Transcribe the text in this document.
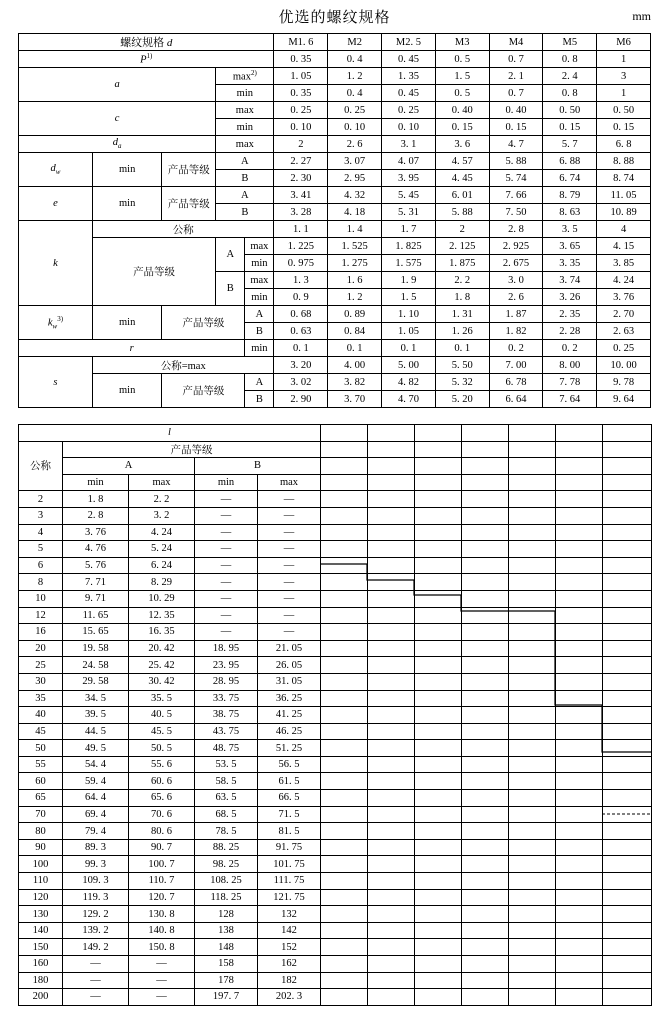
优选的螺纹规格	mm
螺纹规格 d					M1. 6	M2	M2. 5	M3	M4	M5	M6
$P^{1)}$					0. 35	0. 4	0. 45	0. 5	0. 7	0. 8	1
a			$\max^{2)}$		1. 05	1. 2	1. 35	1. 5	2. 1	2. 4	3
			min		0. 35	0. 4	0. 45	0. 5	0. 7	0. 8	1
c			max		0. 25	0. 25	0. 25	0. 40	0. 40	0. 50	0. 50
			min		0. 10	0. 10	0. 10	0. 15	0. 15	0. 15	0. 15
$d_a$			max		2	2. 6	3. 1	3. 6	4. 7	5. 7	6. 8
$d_w$	min	产品等级	A		2. 27	3. 07	4. 07	4. 57	5. 88	6. 88	8. 88
			B		2. 30	2. 95	3. 95	4. 45	5. 74	6. 74	8. 74
e	min	产品等级	A		3. 41	4. 32	5. 45	6. 01	7. 66	8. 79	11. 05
			B		3. 28	4. 18	5. 31	5. 88	7. 50	8. 63	10. 89
k	公称				1. 1	1. 4	1. 7	2	2. 8	3. 5	4
	产品等级		A	max	1. 225	1. 525	1. 825	2. 125	2. 925	3. 65	4. 15
				min	0. 975	1. 275	1. 575	1. 875	2. 675	3. 35	3. 85
			B	max	1. 3	1. 6	1. 9	2. 2	3. 0	3. 74	4. 24
				min	0. 9	1. 2	1. 5	1. 8	2. 6	3. 26	3. 76
$k_w^{3)}$	min	产品等级		A	0. 68	0. 89	1. 10	1. 31	1. 87	2. 35	2. 70
				B	0. 63	0. 84	1. 05	1. 26	1. 82	2. 28	2. 63
r				min	0. 1	0. 1	0. 1	0. 1	0. 2	0. 2	0. 25
s	公称=max				3. 20	4. 00	5. 00	5. 50	7. 00	8. 00	10. 00
	min	产品等级		A	3. 02	3. 82	4. 82	5. 32	6. 78	7. 78	9. 78
				B	2. 90	3. 70	4. 70	5. 20	6. 64	7. 64	9. 64
l				
公称	产品等级			
	A		B	
	min	max	min	max
2	1. 8	2. 2	—	—
3	2. 8	3. 2	—	—
4	3. 76	4. 24	—	—
5	4. 76	5. 24	—	—
6	5. 76	6. 24	—	—
8	7. 71	8. 29	—	—
10	9. 71	10. 29	—	—
12	11. 65	12. 35	—	—
16	15. 65	16. 35	—	—
20	19. 58	20. 42	18. 95	21. 05
25	24. 58	25. 42	23. 95	26. 05
30	29. 58	30. 42	28. 95	31. 05
35	34. 5	35. 5	33. 75	36. 25
40	39. 5	40. 5	38. 75	41. 25
45	44. 5	45. 5	43. 75	46. 25
50	49. 5	50. 5	48. 75	51. 25
55	54. 4	55. 6	53. 5	56. 5
60	59. 4	60. 6	58. 5	61. 5
65	64. 4	65. 6	63. 5	66. 5
70	69. 4	70. 6	68. 5	71. 5
80	79. 4	80. 6	78. 5	81. 5
90	89. 3	90. 7	88. 25	91. 75
100	99. 3	100. 7	98. 25	101. 75
110	109. 3	110. 7	108. 25	111. 75
120	119. 3	120. 7	118. 25	121. 75
130	129. 2	130. 8	128	132
140	139. 2	140. 8	138	142
150	149. 2	150. 8	148	152
160	—	—	158	162
180	—	—	178	182
200	—	—	197. 7	202. 3
